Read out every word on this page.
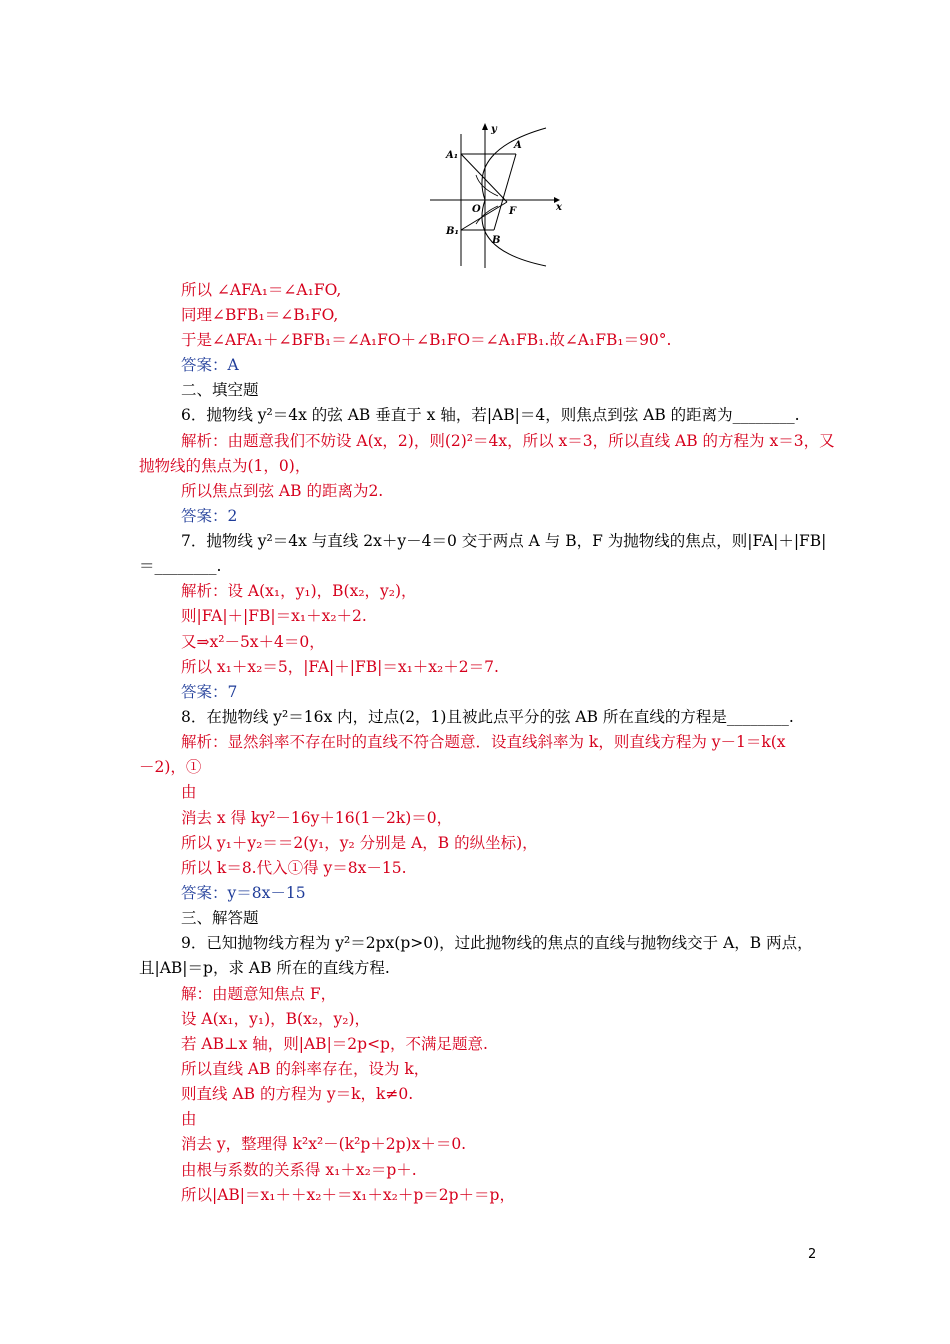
y
x
A₁
A
O	F
B₁
B
所以 ∠AFA₁＝∠A₁FO,
同理∠BFB₁＝∠B₁FO,
于是∠AFA₁＋∠BFB₁＝∠A₁FO＋∠B₁FO＝∠A₁FB₁.故∠A₁FB₁＝90°.
答案：A
二、填空题
6．抛物线 y²＝4x 的弦 AB 垂直于 x 轴，若|AB|＝4，则焦点到弦 AB 的距离为________.
解析：由题意我们不妨设 A(x，2)，则(2)²＝4x，所以 x＝3，所以直线 AB 的方程为 x＝3，又
抛物线的焦点为(1，0)，
所以焦点到弦 AB 的距离为2.
答案：2
7．抛物线 y²＝4x 与直线 2x＋y－4＝0 交于两点 A 与 B，F 为抛物线的焦点，则|FA|＋|FB|
＝________.
解析：设 A(x₁，y₁)，B(x₂，y₂)，
则|FA|＋|FB|＝x₁＋x₂＋2.
又⇒x²－5x＋4＝0，
所以 x₁＋x₂＝5，|FA|＋|FB|＝x₁＋x₂＋2＝7.
答案：7
8．在抛物线 y²＝16x 内，过点(2，1)且被此点平分的弦 AB 所在直线的方程是________.
解析：显然斜率不存在时的直线不符合题意．设直线斜率为 k，则直线方程为 y－1＝k(x
－2)，①
由
消去 x 得 ky²－16y＋16(1－2k)＝0，
所以 y₁＋y₂＝＝2(y₁，y₂ 分别是 A，B 的纵坐标)，
所以 k＝8.代入①得 y＝8x－15.
答案：y＝8x－15
三、解答题
9．已知抛物线方程为 y²＝2px(p>0)，过此抛物线的焦点的直线与抛物线交于 A，B 两点，
且|AB|＝p，求 AB 所在的直线方程.
解：由题意知焦点 F，
设 A(x₁，y₁)，B(x₂，y₂)，
若 AB⊥x 轴，则|AB|＝2p<p，不满足题意.
所以直线 AB 的斜率存在，设为 k，
则直线 AB 的方程为 y＝k，k≠0.
由
消去 y，整理得 k²x²－(k²p＋2p)x＋＝0.
由根与系数的关系得 x₁＋x₂＝p＋.
所以|AB|＝x₁＋＋x₂＋＝x₁＋x₂＋p＝2p＋＝p，
2
